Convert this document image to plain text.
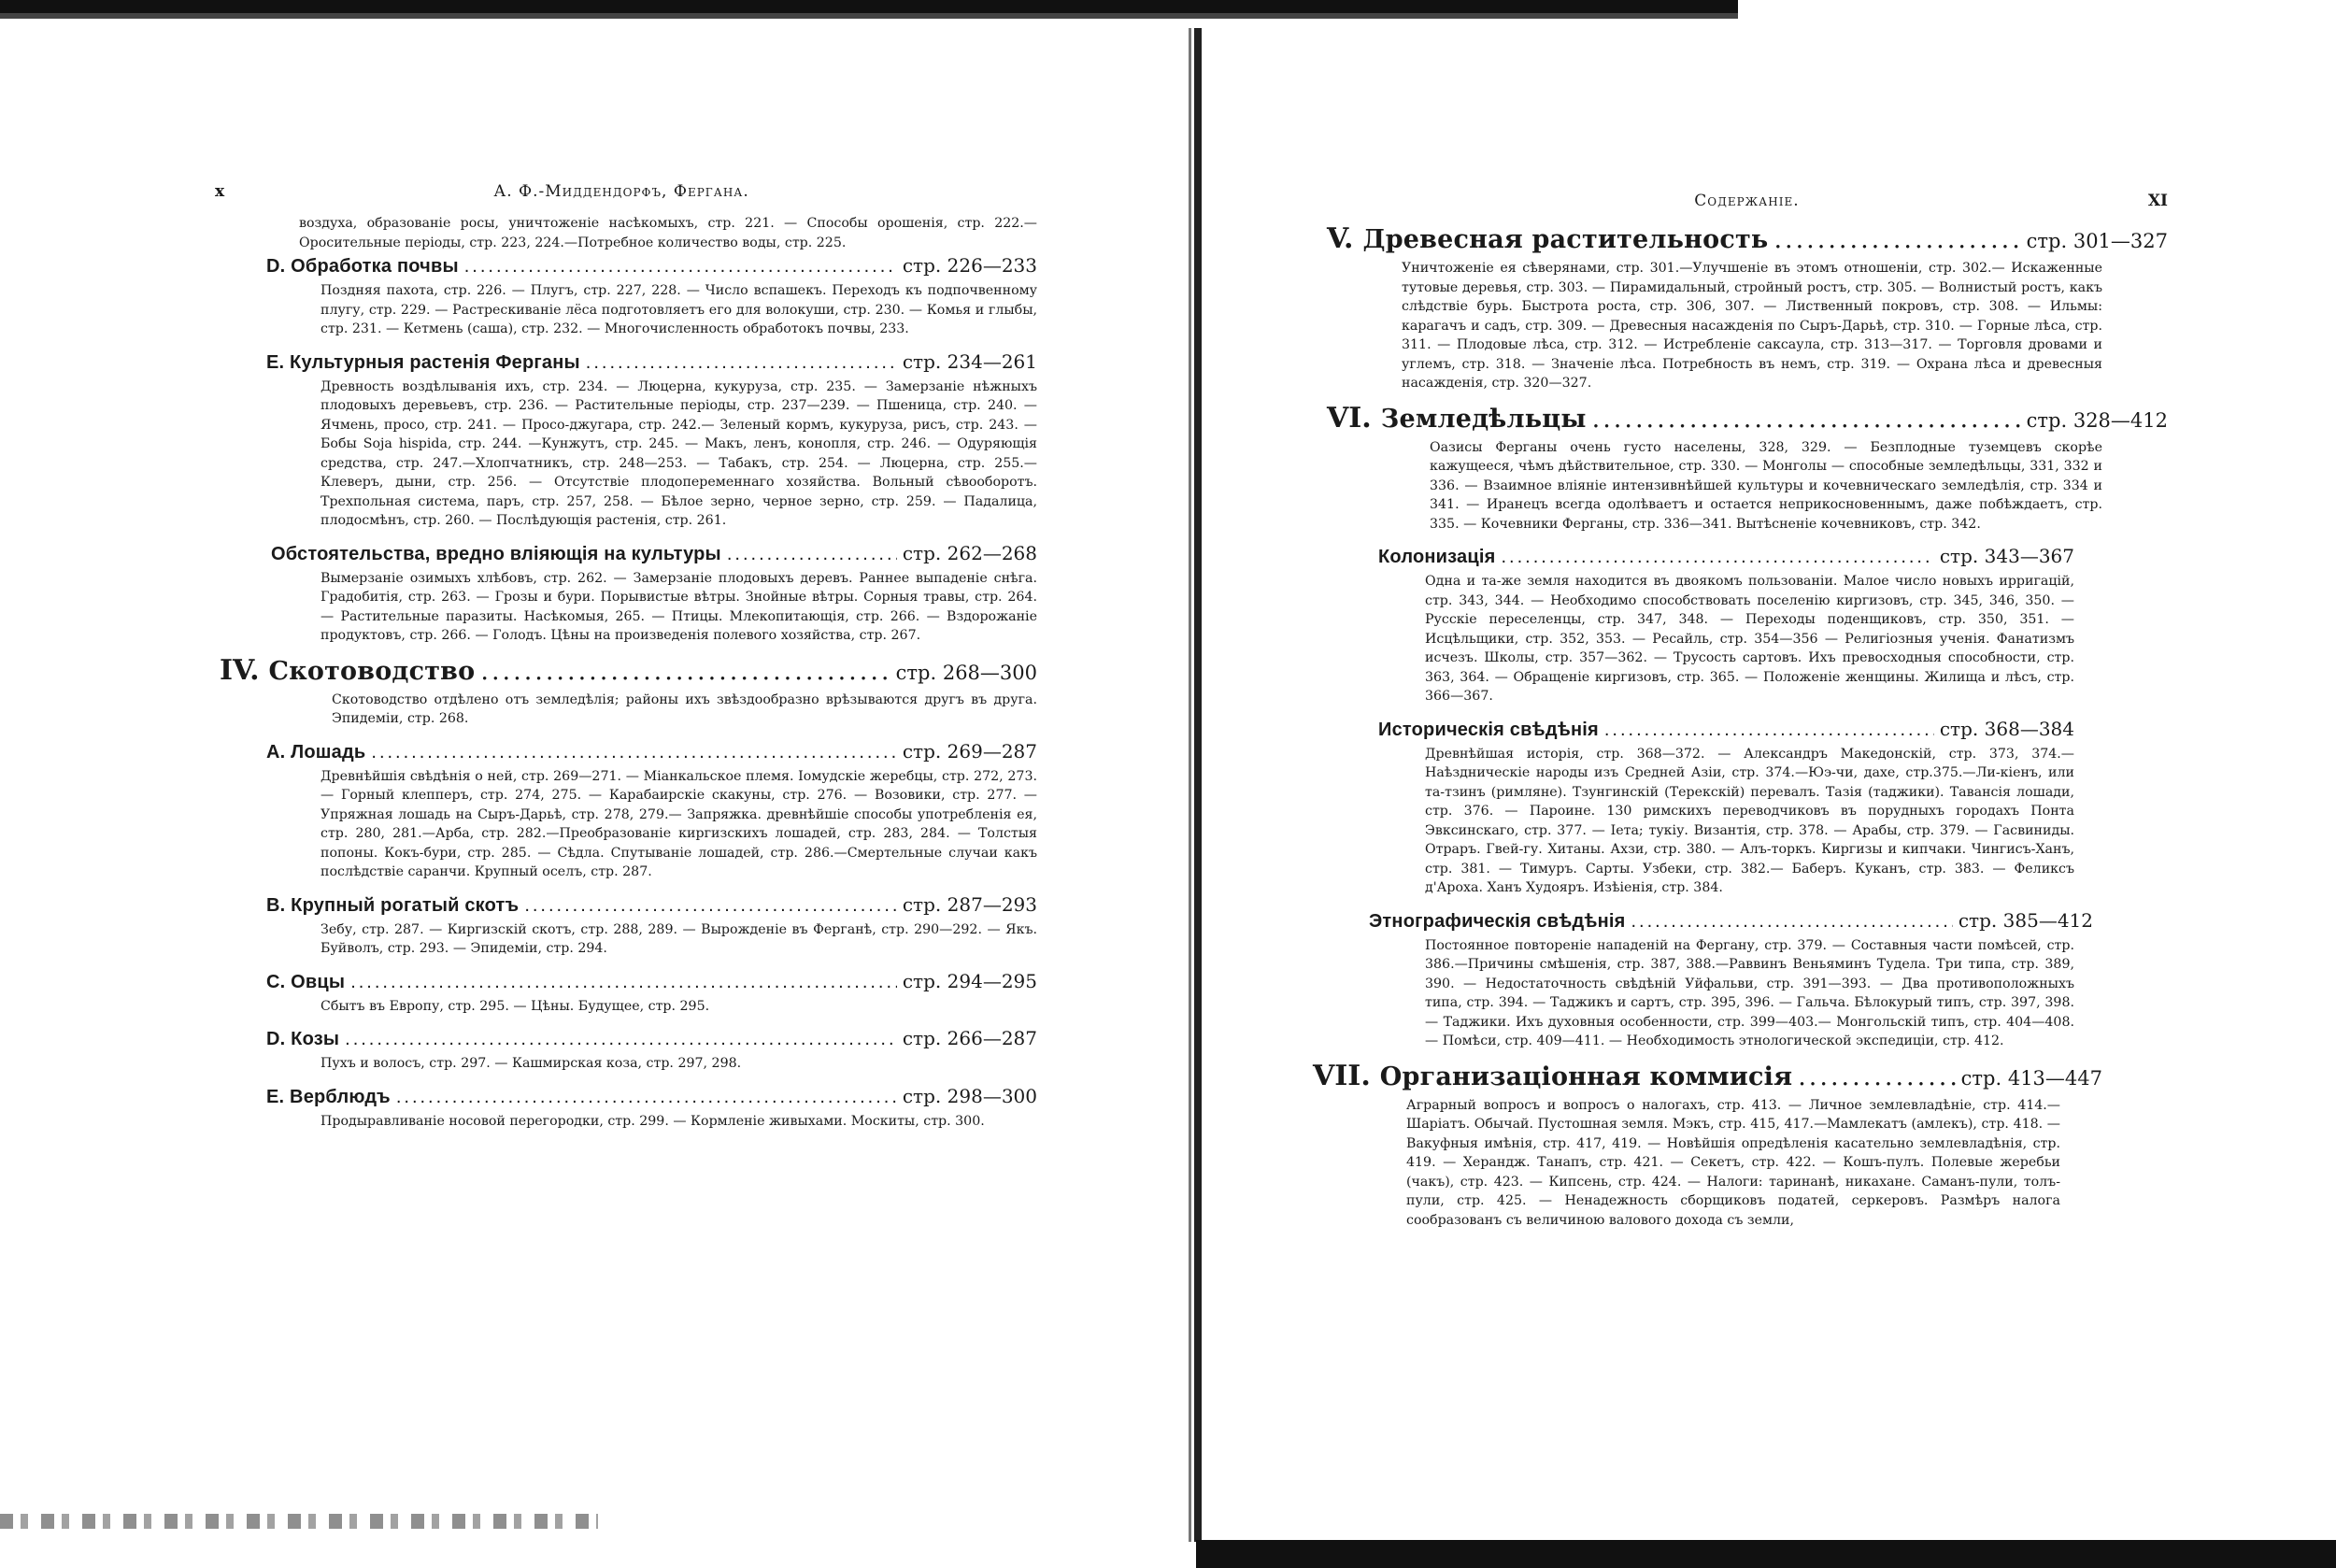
x	А. Ф.-Миддендорфъ, Фергана.

воздуха, образованіе росы, уничтоженіе насѣкомыхъ, стр. 221. — Способы орошенія, стр. 222.—Оросительные періоды, стр. 223, 224.—Потребное количество воды, стр. 225.

D. Обработка почвы .....	стр. 226—233

Поздняя пахота, стр. 226. — Плугъ, стр. 227, 228. — Число вспашекъ. Переходъ къ подпочвенному плугу, стр. 229. — Растрескиваніе лёса подготовляетъ его для волокуши, стр. 230. — Комья и глыбы, стр. 231. — Кетмень (саша), стр. 232. — Многочисленность обработокъ почвы, 233.

E. Культурныя растенія Ферганы .....	стр. 234—261

Древность воздѣлыванія ихъ, стр. 234. — Люцерна, кукуруза, стр. 235. — Замерзаніе нѣжныхъ плодовыхъ деревьевъ, стр. 236. — Растительные періоды, стр. 237—239. — Пшеница, стр. 240. — Ячмень, просо, стр. 241. — Просо-джугара, стр. 242.— Зеленый кормъ, кукуруза, рисъ, стр. 243. — Бобы Soja hispida, стр. 244. —Кунжутъ, стр. 245. — Макъ, ленъ, конопля, стр. 246. — Одуряющія средства, стр. 247.—Хлопчатникъ, стр. 248—253. — Табакъ, стр. 254. — Люцерна, стр. 255.— Клеверъ, дыни, стр. 256. — Отсутствіе плодопеременнаго хозяйства. Вольный сѣвооборотъ. Трехпольная система, паръ, стр. 257, 258. — Бѣлое зерно, черное зерно, стр. 259. — Падалица, плодосмѣнъ, стр. 260. — Послѣдующія растенія, стр. 261.

Обстоятельства, вредно вліяющія на культуры .....	стр. 262—268

Вымерзаніе озимыхъ хлѣбовъ, стр. 262. — Замерзаніе плодовыхъ деревъ. Раннее выпаденіе снѣга. Градобитія, стр. 263. — Грозы и бури. Порывистые вѣтры. Знойные вѣтры. Сорныя травы, стр. 264. — Растительные паразиты. Насѣкомыя, 265. — Птицы. Млекопитающія, стр. 266. — Вздорожаніе продуктовъ, стр. 266. — Голодъ. Цѣны на произведенія полевого хозяйства, стр. 267.

IV. Скотоводство .....	стр. 268—300

Скотоводство отдѣлено отъ земледѣлія; районы ихъ звѣздообразно врѣзываются другъ въ друга. Эпидеміи, стр. 268.

A. Лошадь .....	стр. 269—287

Древнѣйшія свѣдѣнія о ней, стр. 269—271. — Міанкальское племя. Іомудскіе жеребцы, стр. 272, 273. — Горный клепперъ, стр. 274, 275. — Карабаирскіе скакуны, стр. 276. — Возовики, стр. 277. — Упряжная лошадь на Сыръ-Дарьѣ, стр. 278, 279.— Запряжка. древнѣйшіе способы употребленія ея, стр. 280, 281.—Арба, стр. 282.—Преобразованіе киргизскихъ лошадей, стр. 283, 284. — Толстыя попоны. Кокъ-бури, стр. 285. — Сѣдла. Спутываніе лошадей, стр. 286.—Смертельные случаи какъ послѣдствіе саранчи. Крупный оселъ, стр. 287.

B. Крупный рогатый скотъ .....	стр. 287—293

Зебу, стр. 287. — Киргизскій скотъ, стр. 288, 289. — Вырожденіе въ Ферганѣ, стр. 290—292. — Якъ. Буйволъ, стр. 293. — Эпидеміи, стр. 294.

C. Овцы .....	стр. 294—295

Сбытъ въ Европу, стр. 295. — Цѣны. Будущее, стр. 295.

D. Козы .....	стр. 266—287

Пухъ и волосъ, стр. 297. — Кашмирская коза, стр. 297, 298.

E. Верблюдъ .....	стр. 298—300

Продыравливаніе носовой перегородки, стр. 299. — Кормленіе живыхами. Москиты, стр. 300.

Содержаніе.	XI
V. Древесная растительность .....	стр. 301—327

Уничтоженіе ея сѣверянами, стр. 301.—Улучшеніе въ этомъ отношеніи, стр. 302.— Искаженные тутовые деревья, стр. 303. — Пирамидальный, стройный ростъ, стр. 305. — Волнистый ростъ, какъ слѣдствіе бурь. Быстрота роста, стр. 306, 307. — Лиственный покровъ, стр. 308. — Ильмы: карагачъ и садъ, стр. 309. — Древесныя насажденія по Сыръ-Дарьѣ, стр. 310. — Горные лѣса, стр. 311. — Плодовые лѣса, стр. 312. — Истребленіе саксаула, стр. 313—317. — Торговля дровами и углемъ, стр. 318. — Значеніе лѣса. Потребность въ немъ, стр. 319. — Охрана лѣса и древесныя насажденія, стр. 320—327.

VI. Земледѣльцы .....	стр. 328—412

Оазисы Ферганы очень густо населены, 328, 329. — Безплодные туземцевъ скорѣе кажущееся, чѣмъ дѣйствительное, стр. 330. — Монголы — способные земледѣльцы, 331, 332 и 336. — Взаимное вліяніе интензивнѣйшей культуры и кочевническаго земледѣлія, стр. 334 и 341. — Иранецъ всегда одолѣваетъ и остается неприкосновеннымъ, даже побѣждаетъ, стр. 335. — Кочевники Ферганы, стр. 336—341. Вытѣсненіе кочевниковъ, стр. 342.

Колонизація .....	стр. 343—367

Одна и та-же земля находится въ двоякомъ пользованіи. Малое число новыхъ ирригацій, стр. 343, 344. — Необходимо способствовать поселенію киргизовъ, стр. 345, 346, 350. — Русскіе переселенцы, стр. 347, 348. — Переходы поденщиковъ, стр. 350, 351. — Исцѣльщики, стр. 352, 353. — Ресайль, стр. 354—356 — Религіозныя ученія. Фанатизмъ исчезъ. Школы, стр. 357—362. — Трусость сартовъ. Ихъ превосходныя способности, стр. 363, 364. — Обращеніе киргизовъ, стр. 365. — Положеніе женщины. Жилища и лѣсъ, стр. 366—367.

Историческія свѣдѣнія .....	стр. 368—384

Древнѣйшая исторія, стр. 368—372. — Александръ Македонскій, стр. 373, 374.— Наѣздническіе народы изъ Средней Азіи, стр. 374.—Юэ-чи, дахе, стр.375.—Ли-кіенъ, или та-тзинъ (римляне). Тзунгинскій (Терекскій) перевалъ. Тазія (таджики). Тавансія лошади, стр. 376. — Пароине. 130 римскихъ переводчиковъ въ порудныхъ городахъ Понта Эвксинскаго, стр. 377. — Іета; тукіу. Византія, стр. 378. — Арабы, стр. 379. — Гасвиниды. Отраръ. Гвей-гу. Хитаны. Ахзи, стр. 380. — Алъ-торкъ. Киргизы и кипчаки. Чингисъ-Ханъ, стр. 381. — Тимуръ. Сарты. Узбеки, стр. 382.— Баберъ. Куканъ, стр. 383. — Феликсъ д'Ароха. Ханъ Худояръ. Изѣіенія, стр. 384.

Этнографическія свѣдѣнія .....	стр. 385—412

Постоянное повтореніе нападеній на Фергану, стр. 379. — Составныя части помѣсей, стр. 386.—Причины смѣшенія, стр. 387, 388.—Раввинъ Веньяминъ Тудела. Три типа, стр. 389, 390. — Недостаточность свѣдѣній Уйфальви, стр. 391—393. — Два противоположныхъ типа, стр. 394. — Таджикъ и сартъ, стр. 395, 396. — Гальча. Бѣлокурый типъ, стр. 397, 398. — Таджики. Ихъ духовныя особенности, стр. 399—403.— Монгольскій типъ, стр. 404—408. — Помѣси, стр. 409—411. — Необходимость этнологической экспедиціи, стр. 412.

VII. Организаціонная коммисія .....	стр. 413—447

Аграрный вопросъ и вопросъ о налогахъ, стр. 413. — Личное землевладѣніе, стр. 414.—Шаріатъ. Обычай. Пустошная земля. Мэкъ, стр. 415, 417.—Мамлекатъ (амлекъ), стр. 418. — Вакуфныя имѣнія, стр. 417, 419. — Новѣйшія опредѣленія касательно землевладѣнія, стр. 419. — Херандж. Танапъ, стр. 421. — Секетъ, стр. 422. — Кошъ-пулъ. Полевые жеребьи (чакъ), стр. 423. — Кипсень, стр. 424. — Налоги: таринанѣ, никахане. Саманъ-пули, толъ-пули, стр. 425. — Ненадежность сборщиковъ податей, серкеровъ. Размѣръ налога сообразованъ съ величиною валового дохода съ земли,
